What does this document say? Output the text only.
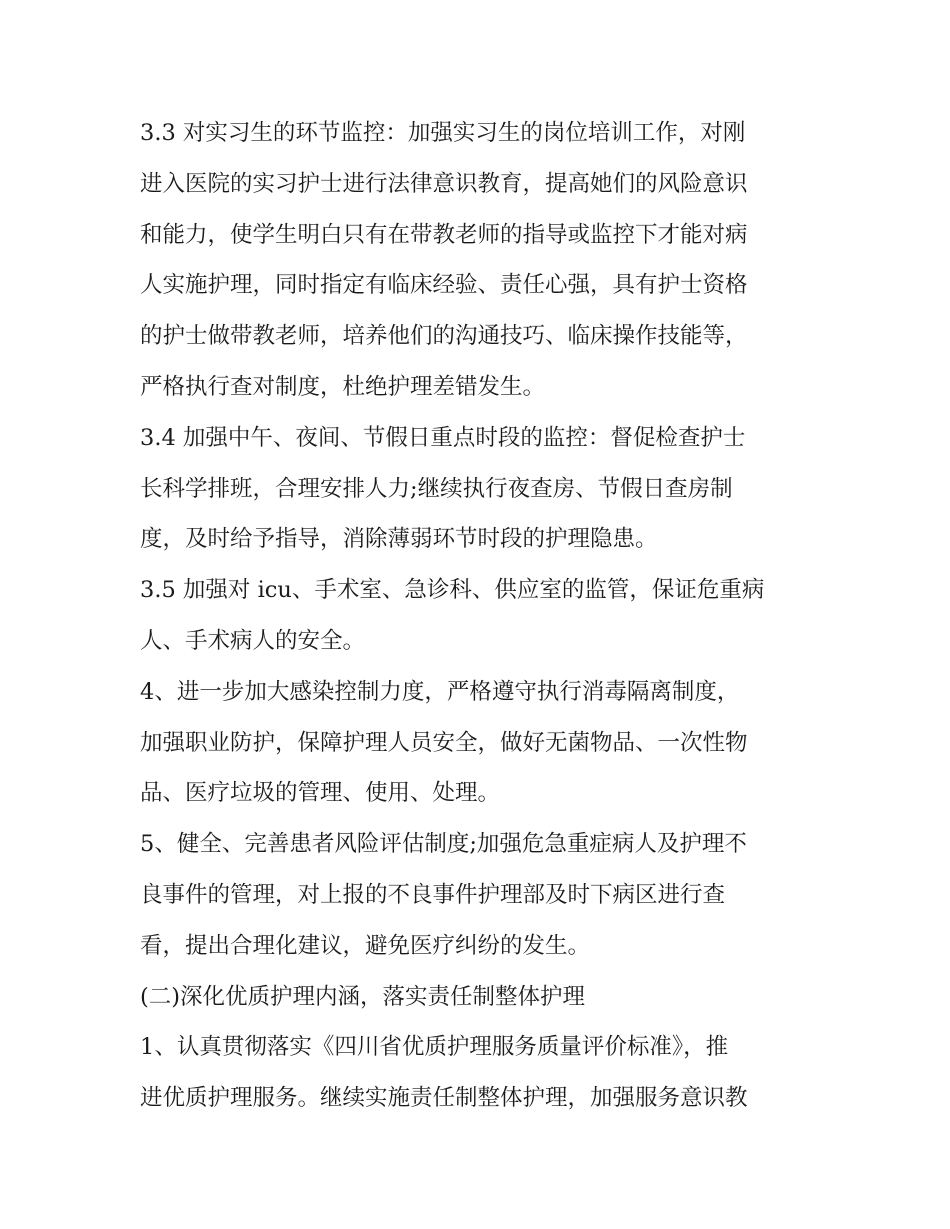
3.3 对实习生的环节监控：加强实习生的岗位培训工作，对刚
进入医院的实习护士进行法律意识教育，提高她们的风险意识
和能力，使学生明白只有在带教老师的指导或监控下才能对病
人实施护理，同时指定有临床经验、责任心强，具有护士资格
的护士做带教老师，培养他们的沟通技巧、临床操作技能等，
严格执行查对制度，杜绝护理差错发生。
3.4 加强中午、夜间、节假日重点时段的监控：督促检查护士
长科学排班，合理安排人力;继续执行夜查房、节假日查房制
度，及时给予指导，消除薄弱环节时段的护理隐患。
3.5 加强对 icu、手术室、急诊科、供应室的监管，保证危重病
人、手术病人的安全。
4、进一步加大感染控制力度，严格遵守执行消毒隔离制度，
加强职业防护，保障护理人员安全，做好无菌物品、一次性物
品、医疗垃圾的管理、使用、处理。
5、健全、完善患者风险评估制度;加强危急重症病人及护理不
良事件的管理，对上报的不良事件护理部及时下病区进行查
看，提出合理化建议，避免医疗纠纷的发生。
(二)深化优质护理内涵，落实责任制整体护理
1、认真贯彻落实《四川省优质护理服务质量评价标准》，推
进优质护理服务。继续实施责任制整体护理，加强服务意识教
